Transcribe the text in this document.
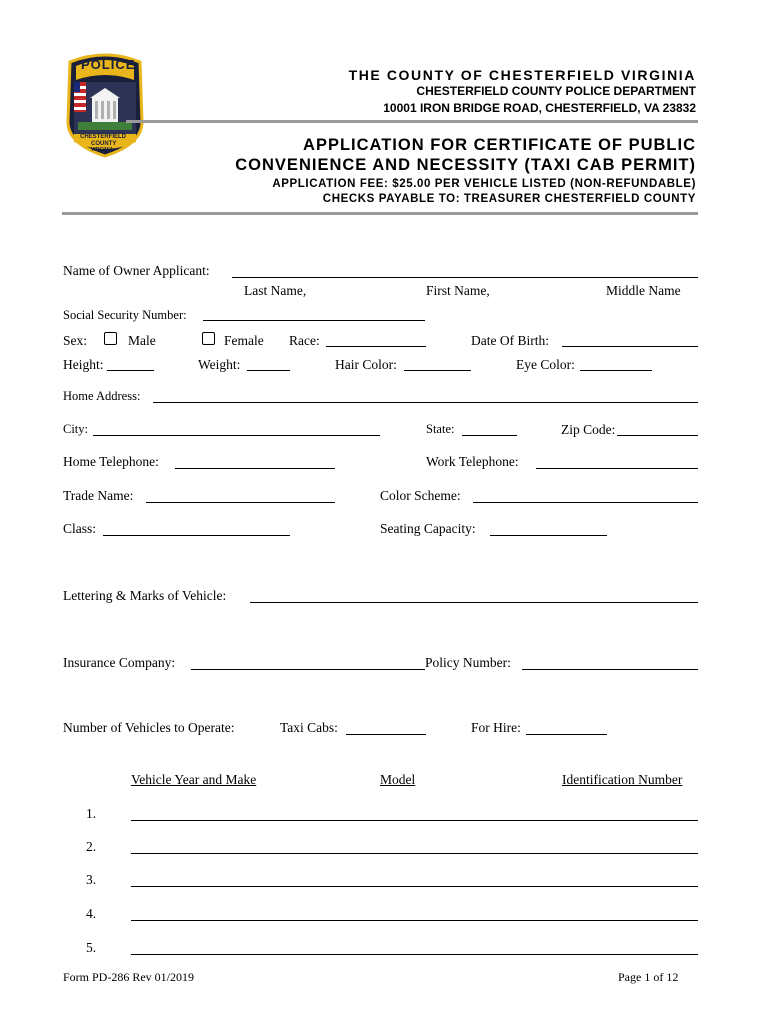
POLICE
CHESTERFIELD
COUNTY
VIRGINIA
THE COUNTY OF CHESTERFIELD VIRGINIA
CHESTERFIELD COUNTY POLICE DEPARTMENT
10001 IRON BRIDGE ROAD, CHESTERFIELD, VA 23832
APPLICATION FOR CERTIFICATE OF PUBLIC
CONVENIENCE AND NECESSITY (TAXI CAB PERMIT)
APPLICATION FEE: $25.00 PER VEHICLE LISTED (NON-REFUNDABLE)
CHECKS PAYABLE TO: TREASURER CHESTERFIELD COUNTY
Name of Owner Applicant:
Last Name,	First Name,	Middle Name
Social Security Number:
Sex:	Male	Female Race:	Date Of Birth:
Height:	Weight:	Hair Color:	Eye Color:
Home Address:
City:	State:	Zip Code:
Home Telephone:	Work Telephone:
Trade Name:	Color Scheme:
Class:	Seating Capacity:
Lettering & Marks of Vehicle:
Insurance Company:	Policy Number:
Number of Vehicles to Operate:	Taxi Cabs:	For Hire:
Vehicle Year and Make	Model	Identification Number
1.
2.
3.
4.
5.
Form PD-286 Rev 01/2019	Page 1 of 12
